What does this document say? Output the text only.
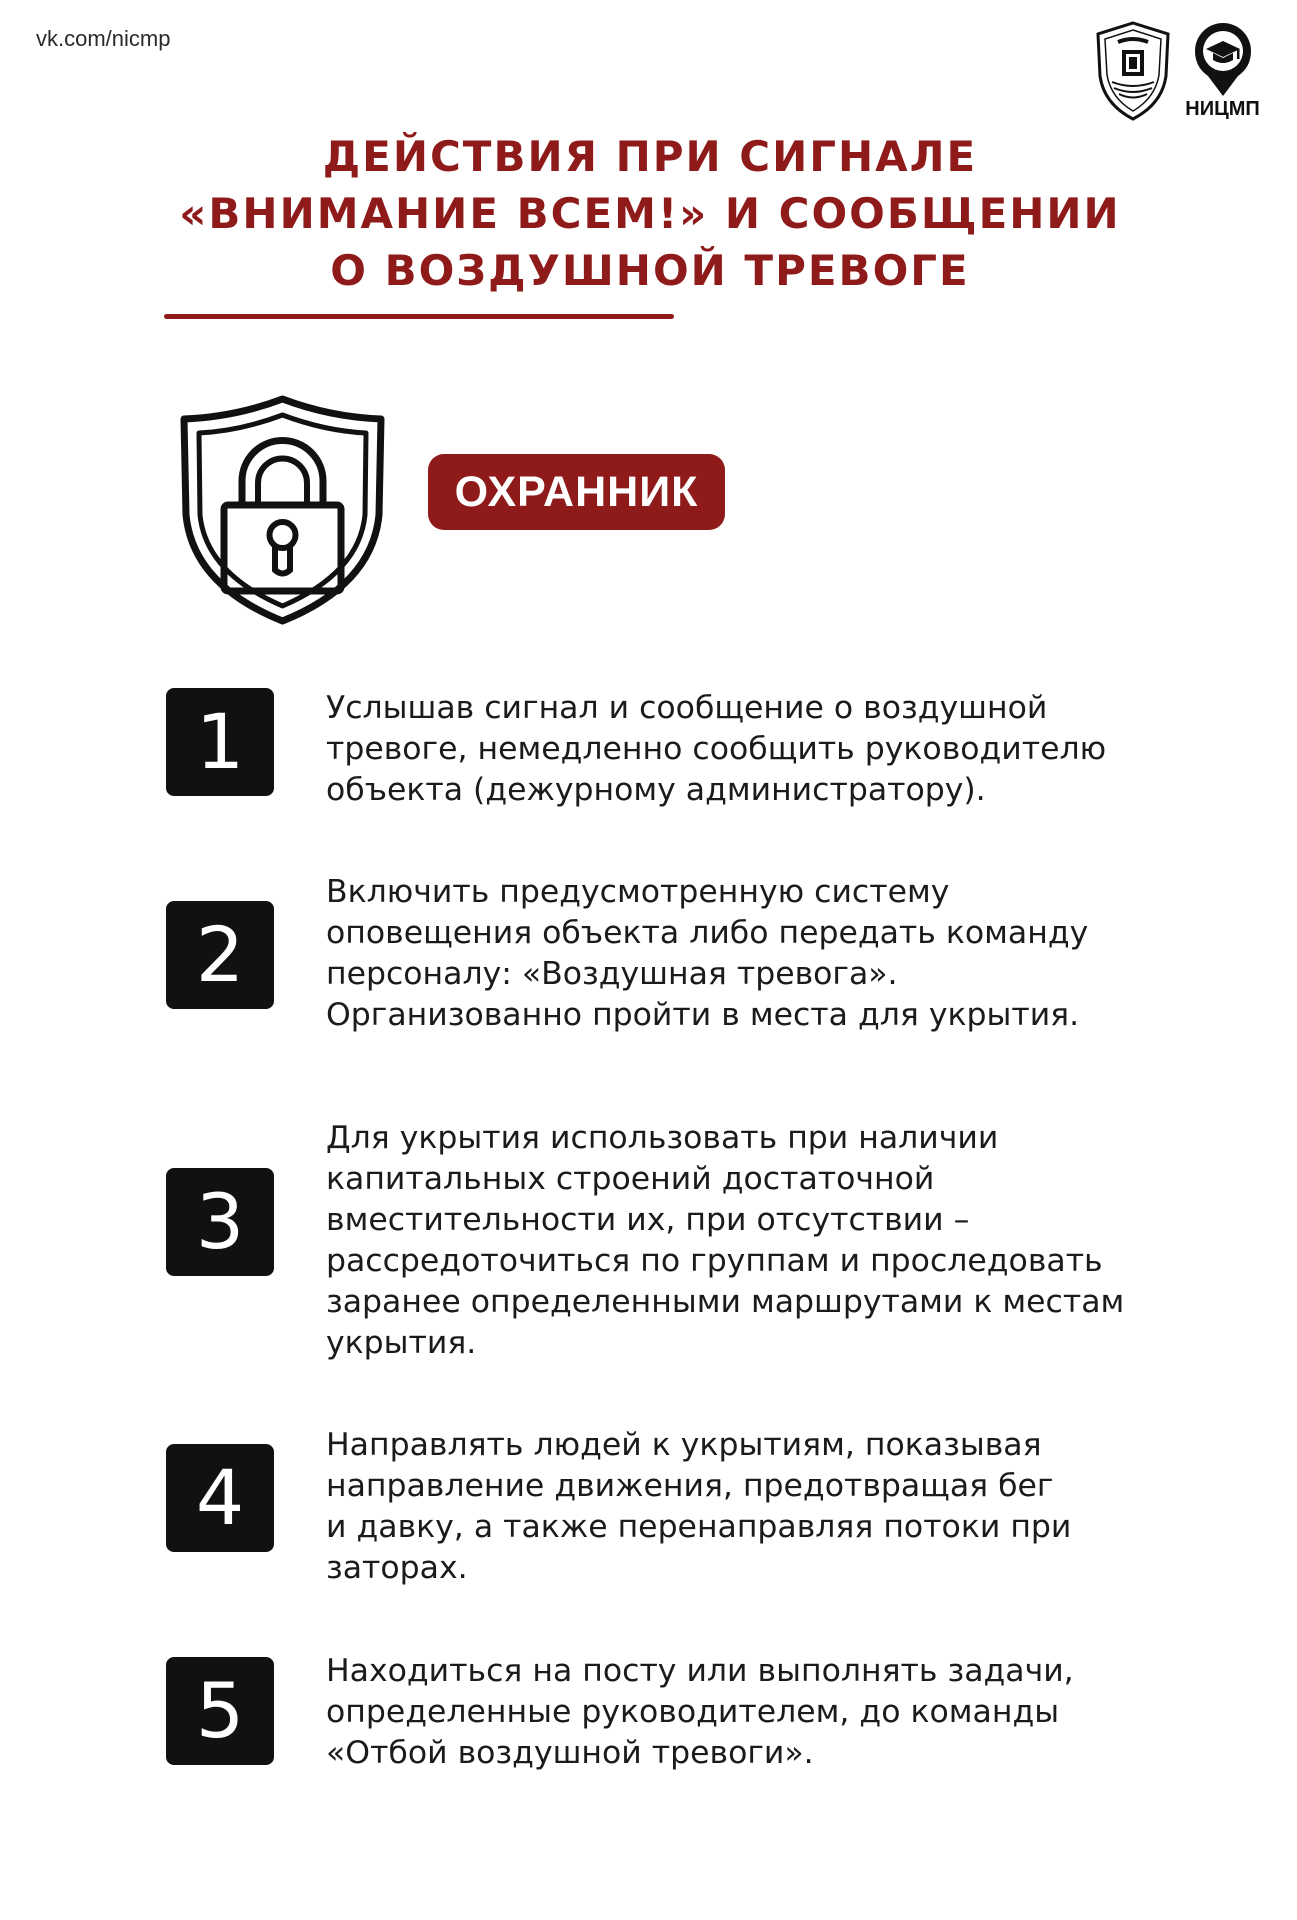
vk.com/nicmp
НИЦМП
ДЕЙСТВИЯ ПРИ СИГНАЛЕ
«ВНИМАНИЕ ВСЕМ!» И СООБЩЕНИИ
О ВОЗДУШНОЙ ТРЕВОГЕ
ОХРАННИК
1	Услышав сигнал и сообщение о воздушной
тревоге, немедленно сообщить руководителю
объекта (дежурному администратору).
2
Включить предусмотренную систему
оповещения объекта либо передать команду
персоналу: «Воздушная тревога».
Организованно пройти в места для укрытия.
3
Для укрытия использовать при наличии
капитальных строений достаточной
вместительности их, при отсутствии –
рассредоточиться по группам и проследовать
заранее определенными маршрутами к местам
укрытия.
4
Направлять людей к укрытиям, показывая
направление движения, предотвращая бег
и давку, а также перенаправляя потоки при
заторах.
5	Находиться на посту или выполнять задачи,
определенные руководителем, до команды
«Отбой воздушной тревоги».
